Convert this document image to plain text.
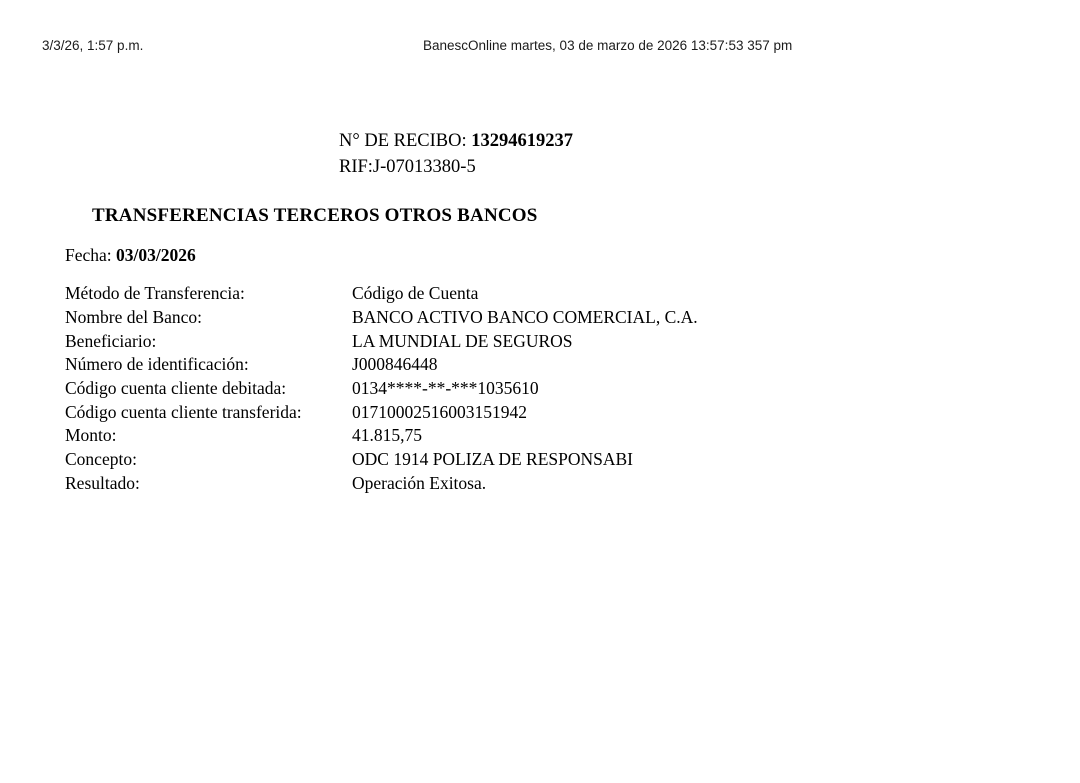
3/3/26, 1:57 p.m.	BanescOnline martes, 03 de marzo de 2026 13:57:53 357 pm
N° DE RECIBO: 13294619237
RIF:J-07013380-5
TRANSFERENCIAS TERCEROS OTROS BANCOS
Fecha: 03/03/2026
Método de Transferencia:	Código de Cuenta
Nombre del Banco:	BANCO ACTIVO BANCO COMERCIAL, C.A.
Beneficiario:	LA MUNDIAL DE SEGUROS
Número de identificación:	J000846448
Código cuenta cliente debitada:	0134****-**-***1035610
Código cuenta cliente transferida:	01710002516003151942
Monto:	41.815,75
Concepto:	ODC 1914 POLIZA DE RESPONSABI
Resultado:	Operación Exitosa.
